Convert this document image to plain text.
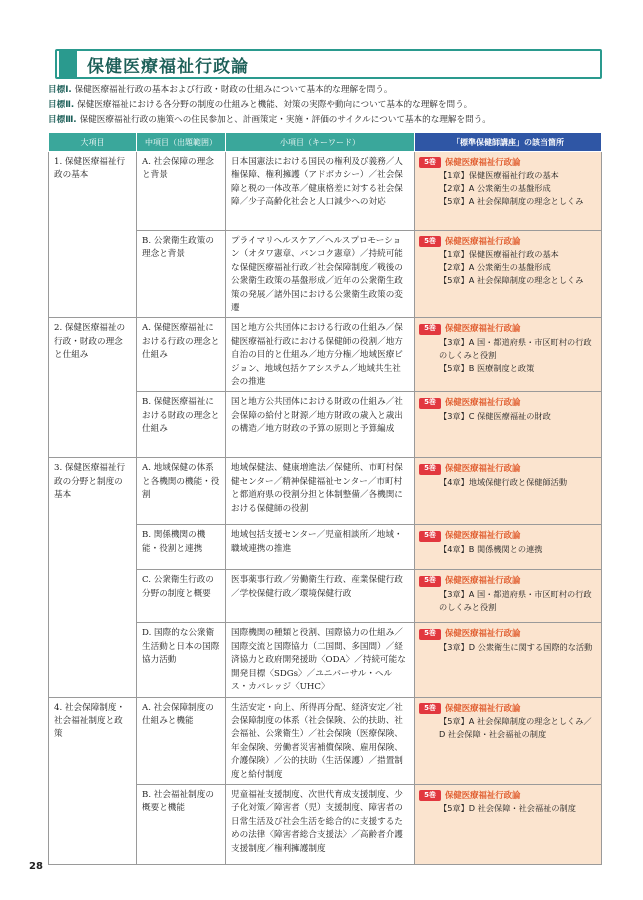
保健医療福祉行政論
目標Ⅰ. 保健医療福祉行政の基本および行政・財政の仕組みについて基本的な理解を問う。
目標Ⅱ. 保健医療福祉における各分野の制度の仕組みと機能、対策の実際や動向について基本的な理解を問う。
目標Ⅲ. 保健医療福祉行政の施策への住民参加と、計画策定・実施・評価のサイクルについて基本的な理解を問う。
大項目	中項目（出題範囲）	小項目（キーワード）	「標準保健師講座」の該当箇所
1. 保健医療福祉行政の基本	A. 社会保障の理念と背景	日本国憲法における国民の権利及び義務／人権保障、権利擁護（アドボカシー）／社会保障と税の一体改革／健康格差に対する社会保障／少子高齢化社会と人口減少への対応	5巻 保健医療福祉行政論
【1章】保健医療福祉行政の基本
【2章】A 公衆衛生の基盤形成
【5章】A 社会保障制度の理念としくみ

	B. 公衆衛生政策の理念と背景	プライマリヘルスケア／ヘルスプロモーション（オタワ憲章、バンコク憲章）／持続可能な保健医療福祉行政／社会保障制度／戦後の公衆衛生政策の基盤形成／近年の公衆衛生政策の発展／諸外国における公衆衛生政策の変遷	5巻 保健医療福祉行政論
【1章】保健医療福祉行政の基本
【2章】A 公衆衛生の基盤形成
【5章】A 社会保障制度の理念としくみ

2. 保健医療福祉の行政・財政の理念と仕組み	A. 保健医療福祉における行政の理念と仕組み	国と地方公共団体における行政の仕組み／保健医療福祉行政における保健師の役割／地方自治の目的と仕組み／地方分権／地域医療ビジョン、地域包括ケアシステム／地域共生社会の推進	5巻 保健医療福祉行政論
【3章】A 国・都道府県・市区町村の行政のしくみと役割
【5章】B 医療制度と政策

	B. 保健医療福祉における財政の理念と仕組み	国と地方公共団体における財政の仕組み／社会保障の給付と財源／地方財政の歳入と歳出の構造／地方財政の予算の原則と予算編成	5巻 保健医療福祉行政論
【3章】C 保健医療福祉の財政

3. 保健医療福祉行政の分野と制度の基本	A. 地域保健の体系と各機関の機能・役割	地域保健法、健康増進法／保健所、市町村保健センター／精神保健福祉センター／市町村と都道府県の役割分担と体制整備／各機関における保健師の役割	5巻 保健医療福祉行政論
【4章】地域保健行政と保健師活動

	B. 関係機関の機能・役割と連携	地域包括支援センター／児童相談所／地域・職域連携の推進	5巻 保健医療福祉行政論
【4章】B 関係機関との連携

	C. 公衆衛生行政の分野の制度と概要	医事薬事行政／労働衛生行政、産業保健行政／学校保健行政／環境保健行政	5巻 保健医療福祉行政論
【3章】A 国・都道府県・市区町村の行政のしくみと役割

	D. 国際的な公衆衛生活動と日本の国際協力活動	国際機関の種類と役割、国際協力の仕組み／国際交流と国際協力（二国間、多国間）／経済協力と政府開発援助〈ODA〉／持続可能な開発目標〈SDGs〉／ユニバーサル・ヘルス・カバレッジ〈UHC〉	5巻 保健医療福祉行政論
【3章】D 公衆衛生に関する国際的な活動

4. 社会保障制度・社会福祉制度と政策	A. 社会保障制度の仕組みと機能	生活安定・向上、所得再分配、経済安定／社会保障制度の体系（社会保険、公的扶助、社会福祉、公衆衛生）／社会保険（医療保険、年金保険、労働者災害補償保険、雇用保険、介護保険）／公的扶助（生活保護）／措置制度と給付制度	5巻 保健医療福祉行政論
【5章】A 社会保障制度の理念としくみ／D 社会保障・社会福祉の制度

	B. 社会福祉制度の概要と機能	児童福祉支援制度、次世代育成支援制度、少子化対策／障害者（児）支援制度、障害者の日常生活及び社会生活を総合的に支援するための法律〈障害者総合支援法〉／高齢者介護支援制度／権利擁護制度	5巻 保健医療福祉行政論
【5章】D 社会保障・社会福祉の制度
28
